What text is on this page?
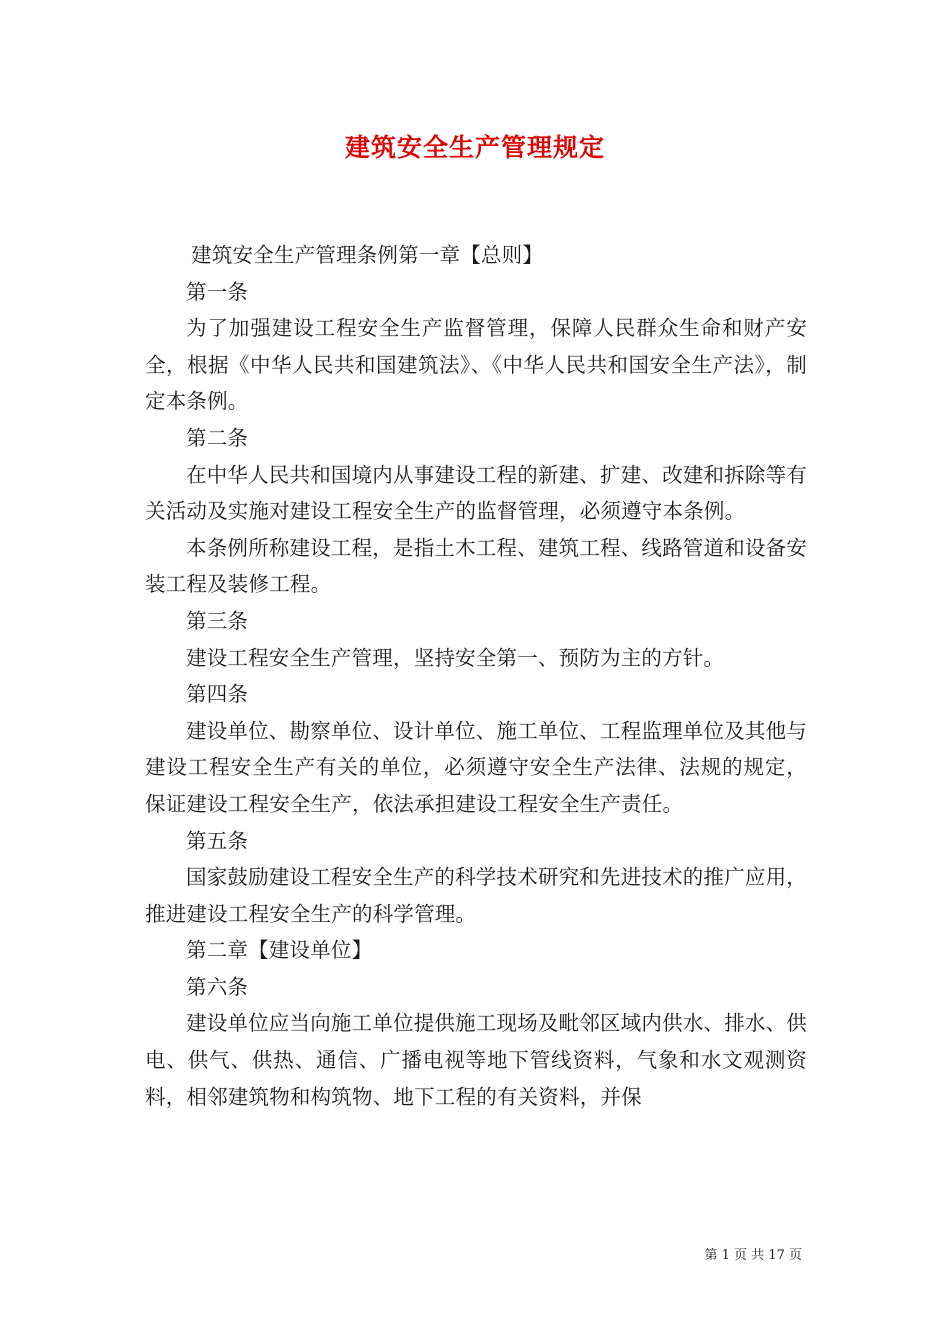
建筑安全生产管理规定

建筑安全生产管理条例第一章【总则】

第一条

为了加强建设工程安全生产监督管理，保障人民群众生命和财产安全，根据《中华人民共和国建筑法》、《中华人民共和国安全生产法》，制定本条例。

第二条

在中华人民共和国境内从事建设工程的新建、扩建、改建和拆除等有关活动及实施对建设工程安全生产的监督管理，必须遵守本条例。

本条例所称建设工程，是指土木工程、建筑工程、线路管道和设备安装工程及装修工程。

第三条

建设工程安全生产管理，坚持安全第一、预防为主的方针。

第四条

建设单位、勘察单位、设计单位、施工单位、工程监理单位及其他与建设工程安全生产有关的单位，必须遵守安全生产法律、法规的规定，保证建设工程安全生产，依法承担建设工程安全生产责任。

第五条

国家鼓励建设工程安全生产的科学技术研究和先进技术的推广应用，推进建设工程安全生产的科学管理。

第二章【建设单位】

第六条

建设单位应当向施工单位提供施工现场及毗邻区域内供水、排水、供电、供气、供热、通信、广播电视等地下管线资料，气象和水文观测资料，相邻建筑物和构筑物、地下工程的有关资料，并保

第 1 页 共 17 页
